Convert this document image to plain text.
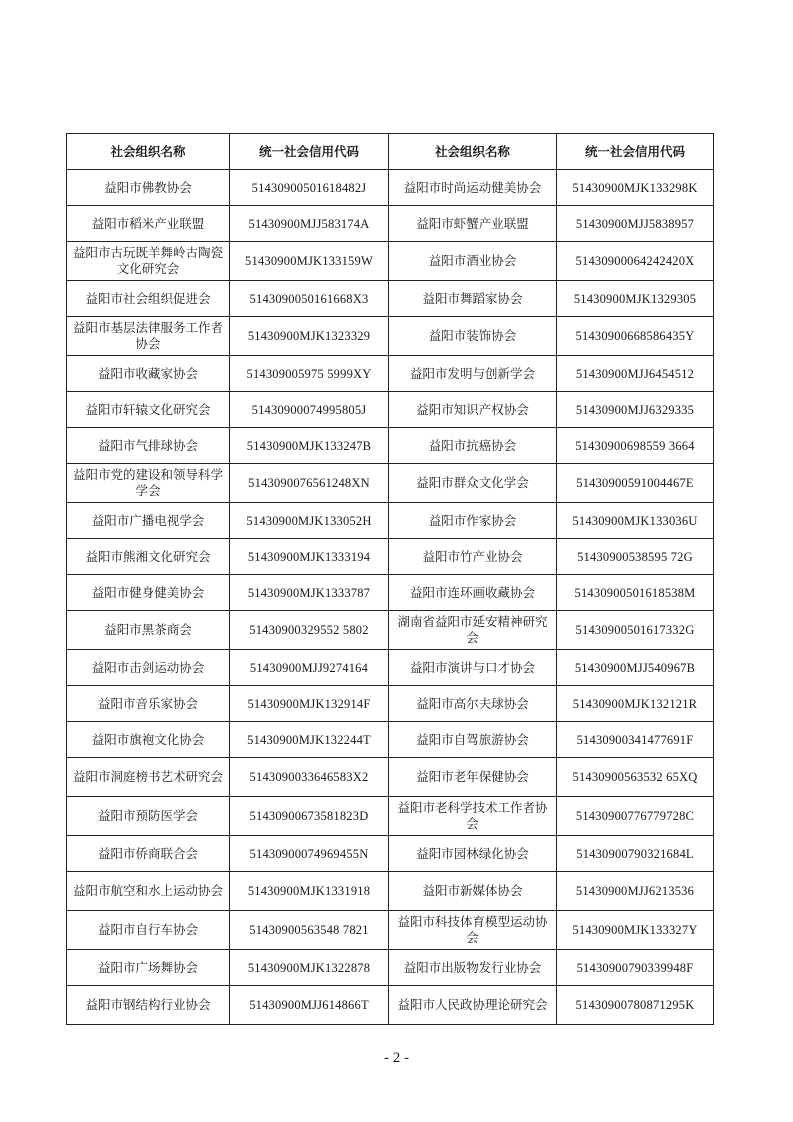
社会组织名称	统一社会信用代码	社会组织名称	统一社会信用代码
益阳市佛教协会	51430900501618482J	益阳市时尚运动健美协会	51430900MJK133298K
益阳市稻米产业联盟	51430900MJJ583174A	益阳市虾蟹产业联盟	51430900MJJ5838957
益阳市古玩既羊舞岭古陶瓷文化研究会	51430900MJK133159W	益阳市酒业协会	51430900064242420X
益阳市社会组织促进会	5143090050161668X3	益阳市舞蹈家协会	51430900MJK1329305
益阳市基层法律服务工作者协会	51430900MJK1323329	益阳市装饰协会	51430900668586435Y
益阳市收藏家协会	514309005975 5999XY	益阳市发明与创新学会	51430900MJJ6454512
益阳市轩辕文化研究会	51430900074995805J	益阳市知识产权协会	51430900MJJ6329335
益阳市气排球协会	51430900MJK133247B	益阳市抗癌协会	51430900698559 3664
益阳市党的建设和领导科学学会	5143090076561248XN	益阳市群众文化学会	51430900591004467E
益阳市广播电视学会	51430900MJK133052H	益阳市作家协会	51430900MJK133036U
益阳市熊湘文化研究会	51430900MJK1333194	益阳市竹产业协会	51430900538595 72G
益阳市健身健美协会	51430900MJK1333787	益阳市连环画收藏协会	51430900501618538M
益阳市黑茶商会	51430900329552 5802	湖南省益阳市延安精神研究会	51430900501617332G
益阳市击剑运动协会	51430900MJJ9274164	益阳市演讲与口才协会	51430900MJJ540967B
益阳市音乐家协会	51430900MJK132914F	益阳市高尔夫球协会	51430900MJK132121R
益阳市旗袍文化协会	51430900MJK132244T	益阳市自驾旅游协会	51430900341477691F
益阳市洞庭榜书艺术研究会	5143090033646583X2	益阳市老年保健协会	51430900563532 65XQ
益阳市预防医学会	51430900673581823D	益阳市老科学技术工作者协会	51430900776779728C
益阳市侨商联合会	51430900074969455N	益阳市园林绿化协会	51430900790321684L
益阳市航空和水上运动协会	51430900MJK1331918	益阳市新媒体协会	51430900MJJ6213536
益阳市自行车协会	51430900563548 7821	益阳市科技体育模型运动协会	51430900MJK133327Y
益阳市广场舞协会	51430900MJK1322878	益阳市出版物发行业协会	51430900790339948F
益阳市钢结构行业协会	51430900MJJ614866T	益阳市人民政协理论研究会	51430900780871295K
- 2 -
